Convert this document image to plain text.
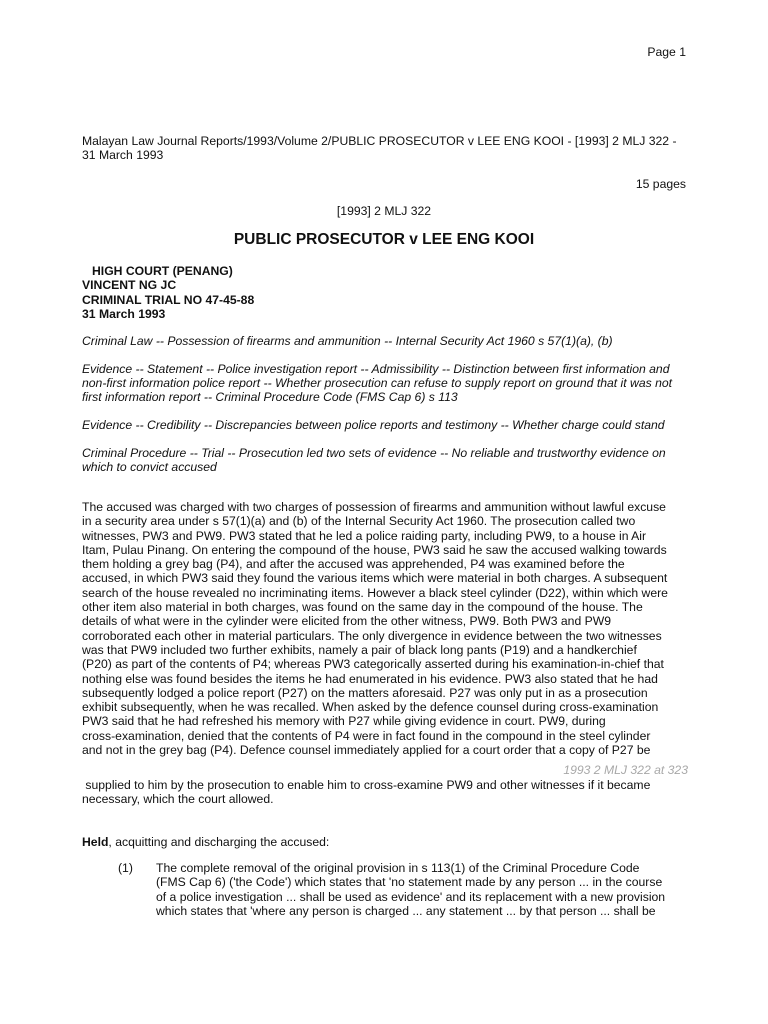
Page 1
Malayan Law Journal Reports/1993/Volume 2/PUBLIC PROSECUTOR v LEE ENG KOOI - [1993] 2 MLJ 322 - 31 March 1993
15 pages
[1993] 2 MLJ 322
PUBLIC PROSECUTOR v LEE ENG KOOI
HIGH COURT (PENANG)
VINCENT NG JC
CRIMINAL TRIAL NO 47-45-88
31 March 1993

Criminal Law -- Possession of firearms and ammunition -- Internal Security Act 1960 s 57(1)(a), (b)

Evidence -- Statement -- Police investigation report -- Admissibility -- Distinction between first information and non-first information police report -- Whether prosecution can refuse to supply report on ground that it was not first information report -- Criminal Procedure Code (FMS Cap 6) s 113

Evidence -- Credibility -- Discrepancies between police reports and testimony -- Whether charge could stand

Criminal Procedure -- Trial -- Prosecution led two sets of evidence -- No reliable and trustworthy evidence on which to convict accused

The accused was charged with two charges of possession of firearms and ammunition without lawful excuse
in a security area under s 57(1)(a) and (b) of the Internal Security Act 1960. The prosecution called two
witnesses, PW3 and PW9. PW3 stated that he led a police raiding party, including PW9, to a house in Air
Itam, Pulau Pinang. On entering the compound of the house, PW3 said he saw the accused walking towards
them holding a grey bag (P4), and after the accused was apprehended, P4 was examined before the
accused, in which PW3 said they found the various items which were material in both charges. A subsequent
search of the house revealed no incriminating items. However a black steel cylinder (D22), within which were
other item also material in both charges, was found on the same day in the compound of the house. The
details of what were in the cylinder were elicited from the other witness, PW9. Both PW3 and PW9
corroborated each other in material particulars. The only divergence in evidence between the two witnesses
was that PW9 included two further exhibits, namely a pair of black long pants (P19) and a handkerchief
(P20) as part of the contents of P4; whereas PW3 categorically asserted during his examination-in-chief that
nothing else was found besides the items he had enumerated in his evidence. PW3 also stated that he had
subsequently lodged a police report (P27) on the matters aforesaid. P27 was only put in as a prosecution
exhibit subsequently, when he was recalled. When asked by the defence counsel during cross-examination
PW3 said that he had refreshed his memory with P27 while giving evidence in court. PW9, during
cross-examination, denied that the contents of P4 were in fact found in the compound in the steel cylinder
and not in the grey bag (P4). Defence counsel immediately applied for a court order that a copy of P27 be
1993 2 MLJ 322 at 323
supplied to him by the prosecution to enable him to cross-examine PW9 and other witnesses if it became
necessary, which the court allowed.
Held, acquitting and discharging the accused:
(1) The complete removal of the original provision in s 113(1) of the Criminal Procedure Code
(FMS Cap 6) ('the Code') which states that 'no statement made by any person ... in the course
of a police investigation ... shall be used as evidence' and its replacement with a new provision
which states that 'where any person is charged ... any statement ... by that person ... shall be
